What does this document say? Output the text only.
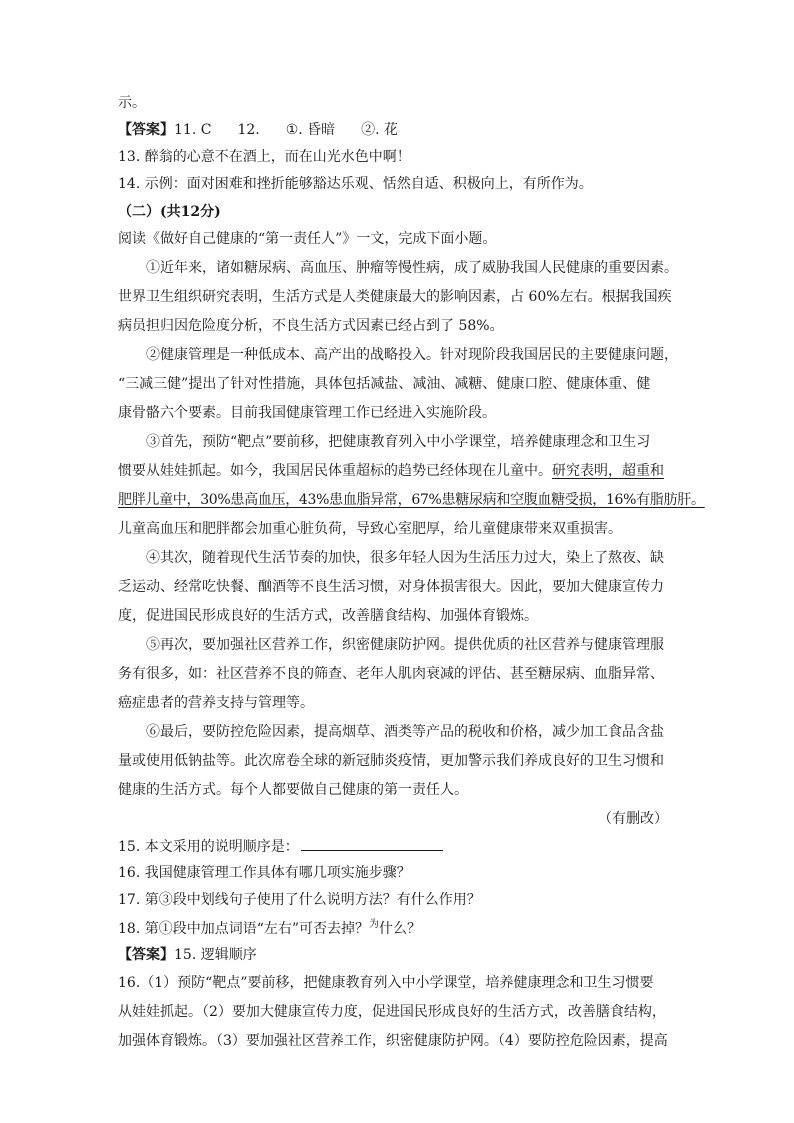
示。
【答案】11. C 12. ①. 昏暗 ②. 花
13. 醉翁的心意不在酒上，而在山光水色中啊！
14. 示例：面对困难和挫折能够豁达乐观、恬然自适、积极向上，有所作为。
（二）(共12分)
阅读《做好自己健康的“第一责任人”》一文，完成下面小题。
①近年来，诸如糖尿病、高血压、肿瘤等慢性病，成了威胁我国人民健康的重要因素。
世界卫生组织研究表明，生活方式是人类健康最大的影响因素，占 60%左右。根据我国疾
病员担归因危险度分析，不良生活方式因素已经占到了 58%。
②健康管理是一种低成本、高产出的战略投入。针对现阶段我国居民的主要健康问题，
“三减三健”提出了针对性措施，具体包括减盐、减油、减糖、健康口腔、健康体重、健
康骨骼六个要素。目前我国健康管理工作已经进入实施阶段。
③首先，预防“靶点”要前移，把健康教育列入中小学课堂，培养健康理念和卫生习
惯要从娃娃抓起。如今，我国居民体重超标的趋势已经体现在儿童中。研究表明，超重和
肥胖儿童中，30%患高血压，43%患血脂异常，67%患糖尿病和空腹血糖受损，16%有脂肪肝。
儿童高血压和肥胖都会加重心脏负荷，导致心室肥厚，给儿童健康带来双重损害。
④其次，随着现代生活节奏的加快，很多年轻人因为生活压力过大，染上了熬夜、缺
乏运动、经常吃快餐、酗酒等不良生活习惯，对身体损害很大。因此，要加大健康宣传力
度，促进国民形成良好的生活方式，改善膳食结构、加强体育锻炼。
⑤再次，要加强社区营养工作，织密健康防护网。提供优质的社区营养与健康管理服
务有很多，如：社区营养不良的筛查、老年人肌肉衰减的评估、甚至糖尿病、血脂异常、
癌症患者的营养支持与管理等。
⑥最后，要防控危险因素，提高烟草、酒类等产品的税收和价格，减少加工食品含盐
量或使用低钠盐等。此次席卷全球的新冠肺炎疫情，更加警示我们养成良好的卫生习惯和
健康的生活方式。每个人都要做自己健康的第一责任人。
（有删改）
15. 本文采用的说明顺序是：
16. 我国健康管理工作具体有哪几项实施步骤？
17. 第③段中划线句子使用了什么说明方法？有什么作用？
18. 第①段中加点词语“左右”可否去掉？$^为$什么？
【答案】15. 逻辑顺序
16.（1）预防“靶点”要前移，把健康教育列入中小学课堂，培养健康理念和卫生习惯要
从娃娃抓起。（2）要加大健康宣传力度，促进国民形成良好的生活方式，改善膳食结构，
加强体育锻炼。（3）要加强社区营养工作，织密健康防护网。（4）要防控危险因素，提高
